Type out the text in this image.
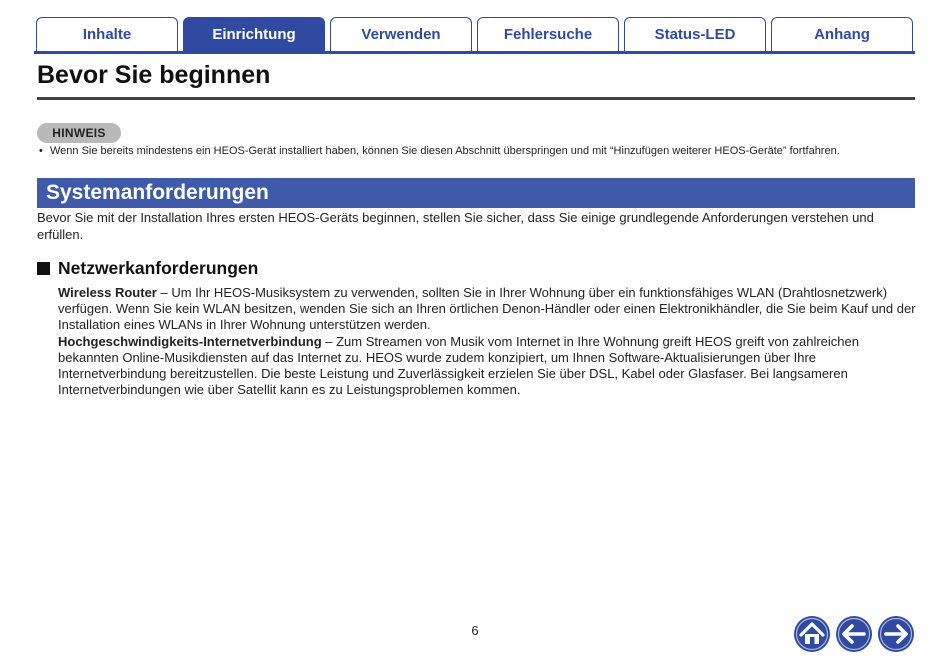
Inhalte	Einrichtung	Verwenden	Fehlersuche	Status-LED	Anhang
Bevor Sie beginnen
HINWEIS
• Wenn Sie bereits mindestens ein HEOS-Gerät installiert haben, können Sie diesen Abschnitt überspringen und mit “Hinzufügen weiterer HEOS-Geräte” fortfahren.
Systemanforderungen
Bevor Sie mit der Installation Ihres ersten HEOS-Geräts beginnen, stellen Sie sicher, dass Sie einige grundlegende Anforderungen verstehen und erfüllen.
Netzwerkanforderungen
Wireless Router – Um Ihr HEOS-Musiksystem zu verwenden, sollten Sie in Ihrer Wohnung über ein funktionsfähiges WLAN (Drahtlosnetzwerk) verfügen. Wenn Sie kein WLAN besitzen, wenden Sie sich an Ihren örtlichen Denon-Händler oder einen Elektronikhändler, die Sie beim Kauf und der Installation eines WLANs in Ihrer Wohnung unterstützen werden.
Hochgeschwindigkeits-Internetverbindung – Zum Streamen von Musik vom Internet in Ihre Wohnung greift HEOS greift von zahlreichen bekannten Online-Musikdiensten auf das Internet zu. HEOS wurde zudem konzipiert, um Ihnen Software-Aktualisierungen über Ihre Internetverbindung bereitzustellen. Die beste Leistung und Zuverlässigkeit erzielen Sie über DSL, Kabel oder Glasfaser. Bei langsameren Internetverbindungen wie über Satellit kann es zu Leistungsproblemen kommen.
6
